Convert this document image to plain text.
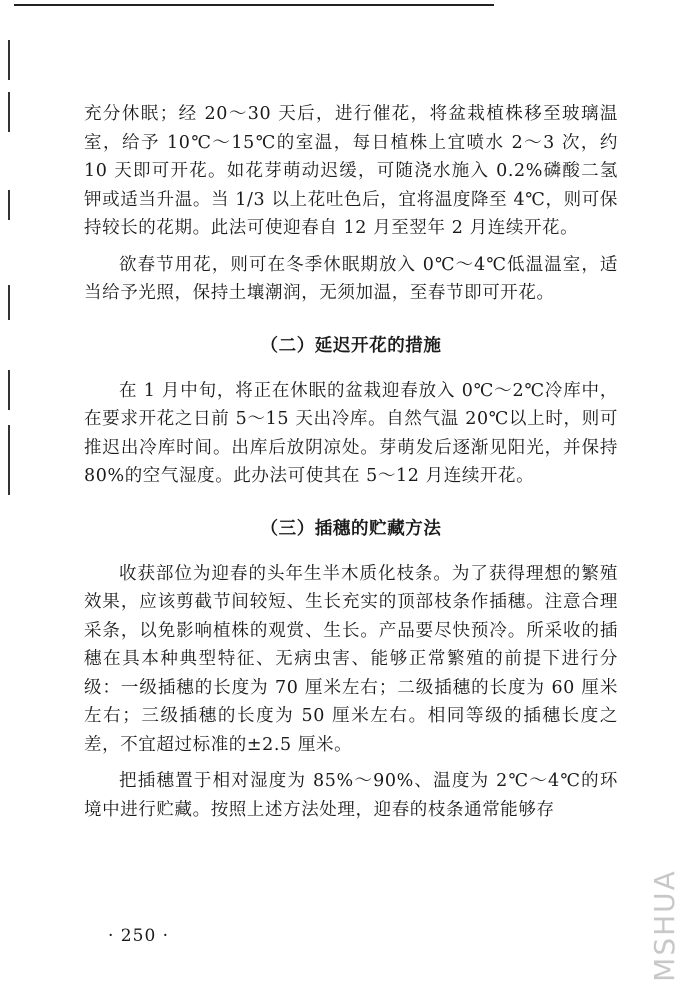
充分休眠；经 20～30 天后，进行催花，将盆栽植株移至玻璃温室，给予 10℃～15℃的室温，每日植株上宜喷水 2～3 次，约 10 天即可开花。如花芽萌动迟缓，可随浇水施入 0.2%磷酸二氢钾或适当升温。当 1/3 以上花吐色后，宜将温度降至 4℃，则可保持较长的花期。此法可使迎春自 12 月至翌年 2 月连续开花。

欲春节用花，则可在冬季休眠期放入 0℃～4℃低温温室，适当给予光照，保持土壤潮润，无须加温，至春节即可开花。

（二）延迟开花的措施

在 1 月中旬，将正在休眠的盆栽迎春放入 0℃～2℃冷库中，在要求开花之日前 5～15 天出冷库。自然气温 20℃以上时，则可推迟出冷库时间。出库后放阴凉处。芽萌发后逐渐见阳光，并保持 80%的空气湿度。此办法可使其在 5～12 月连续开花。

（三）插穗的贮藏方法

收获部位为迎春的头年生半木质化枝条。为了获得理想的繁殖效果，应该剪截节间较短、生长充实的顶部枝条作插穗。注意合理采条，以免影响植株的观赏、生长。产品要尽快预冷。所采收的插穗在具本种典型特征、无病虫害、能够正常繁殖的前提下进行分级：一级插穗的长度为 70 厘米左右；二级插穗的长度为 60 厘米左右；三级插穗的长度为 50 厘米左右。相同等级的插穗长度之差，不宜超过标准的±2.5 厘米。

把插穗置于相对湿度为 85%～90%、温度为 2℃～4℃的环境中进行贮藏。按照上述方法处理，迎春的枝条通常能够存

· 250 ·	MSHUA
